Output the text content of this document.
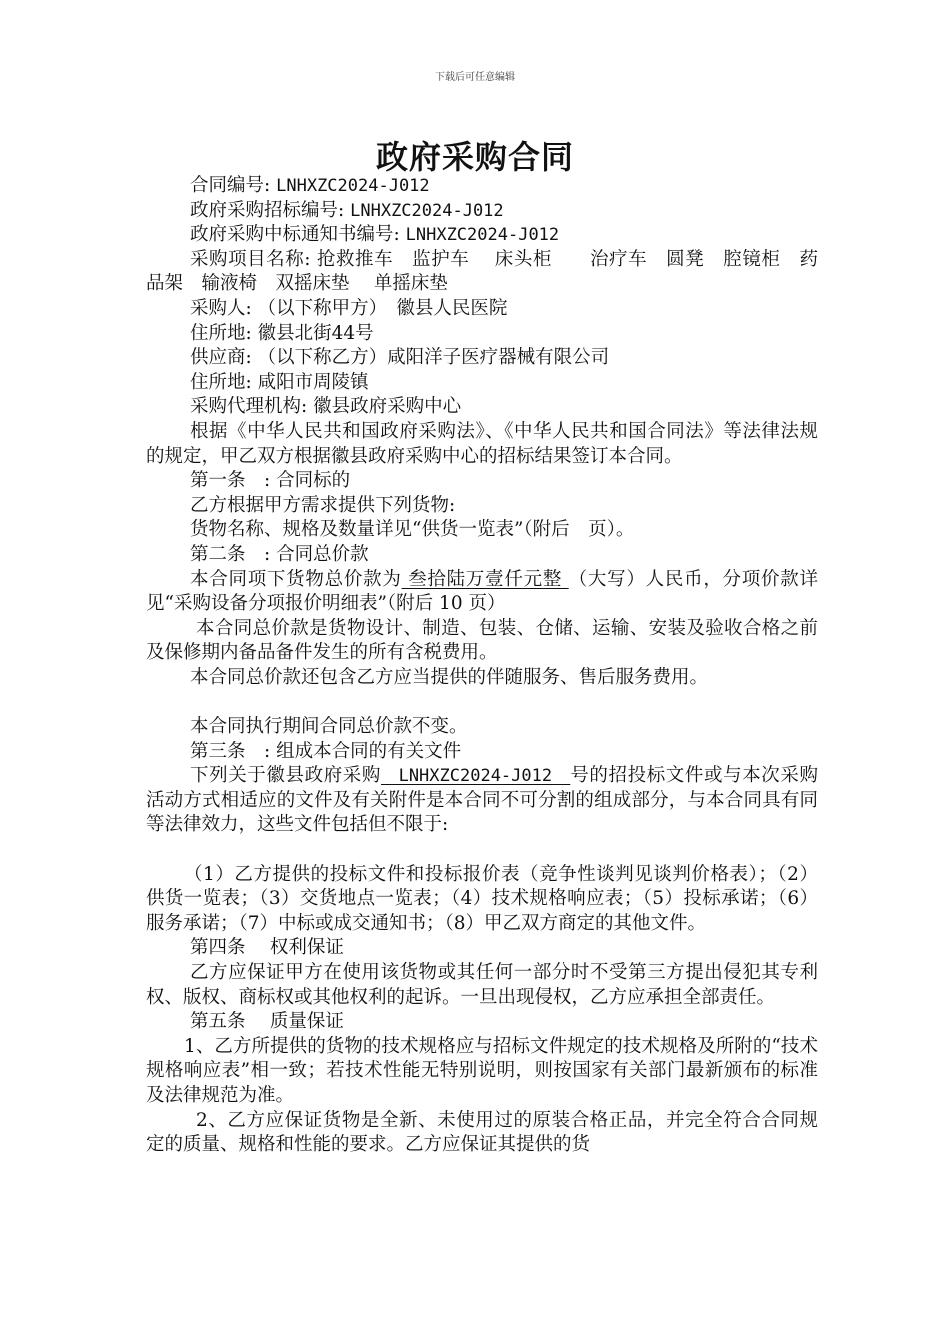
下载后可任意编辑
政府采购合同

合同编号: LNHXZC2024-J012

政府采购招标编号: LNHXZC2024-J012

政府采购中标通知书编号: LNHXZC2024-J012

采购项目名称: 抢救推车　监护车　 床头柜　　治疗车　圆凳　腔镜柜　药品架　输液椅　双摇床垫　 单摇床垫

采购人: （以下称甲方）　徽县人民医院

住所地: 徽县北街44号

供应商: （以下称乙方）咸阳洋子医疗器械有限公司

住所地: 咸阳市周陵镇

采购代理机构: 徽县政府采购中心

根据《中华人民共和国政府采购法》、《中华人民共和国合同法》等法律法规的规定，甲乙双方根据徽县政府采购中心的招标结果签订本合同。

第一条　: 合同标的

乙方根据甲方需求提供下列货物:

货物名称、规格及数量详见“供货一览表”（附后　页）。

第二条　: 合同总价款

本合同项下货物总价款为 叁拾陆万壹仟元整 （大写）人民币，分项价款详见“采购设备分项报价明细表”（附后 10 页）

本合同总价款是货物设计、制造、包装、仓储、运输、安装及验收合格之前及保修期内备品备件发生的所有含税费用。

本合同总价款还包含乙方应当提供的伴随服务、售后服务费用。

本合同执行期间合同总价款不变。

第三条　: 组成本合同的有关文件

下列关于徽县政府采购　LNHXZC2024-J012　号的招投标文件或与本次采购活动方式相适应的文件及有关附件是本合同不可分割的组成部分，与本合同具有同等法律效力，这些文件包括但不限于:

（1）乙方提供的投标文件和投标报价表（竞争性谈判见谈判价格表）；（2）供货一览表；（3）交货地点一览表；（4）技术规格响应表；（5）投标承诺；（6）服务承诺；（7）中标或成交通知书；（8）甲乙双方商定的其他文件。

第四条　 权利保证

乙方应保证甲方在使用该货物或其任何一部分时不受第三方提出侵犯其专利权、版权、商标权或其他权利的起诉。一旦出现侵权，乙方应承担全部责任。

第五条　 质量保证

1、乙方所提供的货物的技术规格应与招标文件规定的技术规格及所附的“技术规格响应表”相一致；若技术性能无特别说明，则按国家有关部门最新颁布的标准及法律规范为准。

2、乙方应保证货物是全新、未使用过的原装合格正品，并完全符合合同规定的质量、规格和性能的要求。乙方应保证其提供的货
